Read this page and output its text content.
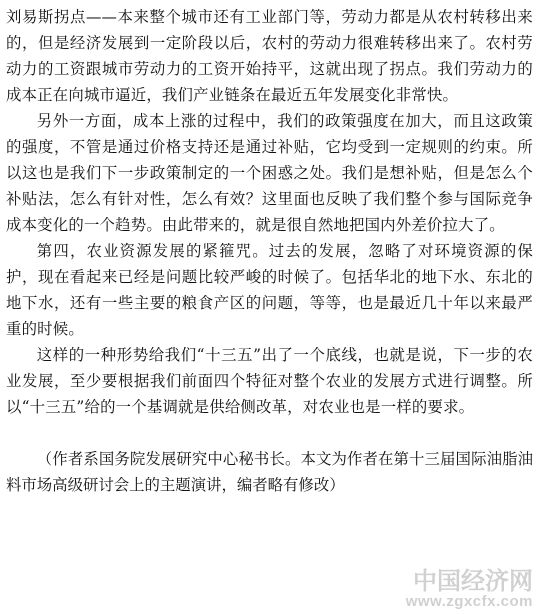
刘易斯拐点——本来整个城市还有工业部门等，劳动力都是从农村转移出来的，但是经济发展到一定阶段以后，农村的劳动力很难转移出来了。农村劳动力的工资跟城市劳动力的工资开始持平，这就出现了拐点。我们劳动力的成本正在向城市逼近，我们产业链条在最近五年发展变化非常快。

另外一方面，成本上涨的过程中，我们的政策强度在加大，而且这政策的强度，不管是通过价格支持还是通过补贴，它均受到一定规则的约束。所以这也是我们下一步政策制定的一个困惑之处。我们是想补贴，但是怎么个补贴法，怎么有针对性，怎么有效？这里面也反映了我们整个参与国际竞争成本变化的一个趋势。由此带来的，就是很自然地把国内外差价拉大了。

第四，农业资源发展的紧箍咒。过去的发展，忽略了对环境资源的保护，现在看起来已经是问题比较严峻的时候了。包括华北的地下水、东北的地下水，还有一些主要的粮食产区的问题，等等，也是最近几十年以来最严重的时候。

这样的一种形势给我们“十三五”出了一个底线，也就是说，下一步的农业发展，至少要根据我们前面四个特征对整个农业的发展方式进行调整。所以“十三五”给的一个基调就是供给侧改革，对农业也是一样的要求。

（作者系国务院发展研究中心秘书长。本文为作者在第十三届国际油脂油料市场高级研讨会上的主题演讲，编者略有修改）

中国经济网
www.zgxcfx.com
